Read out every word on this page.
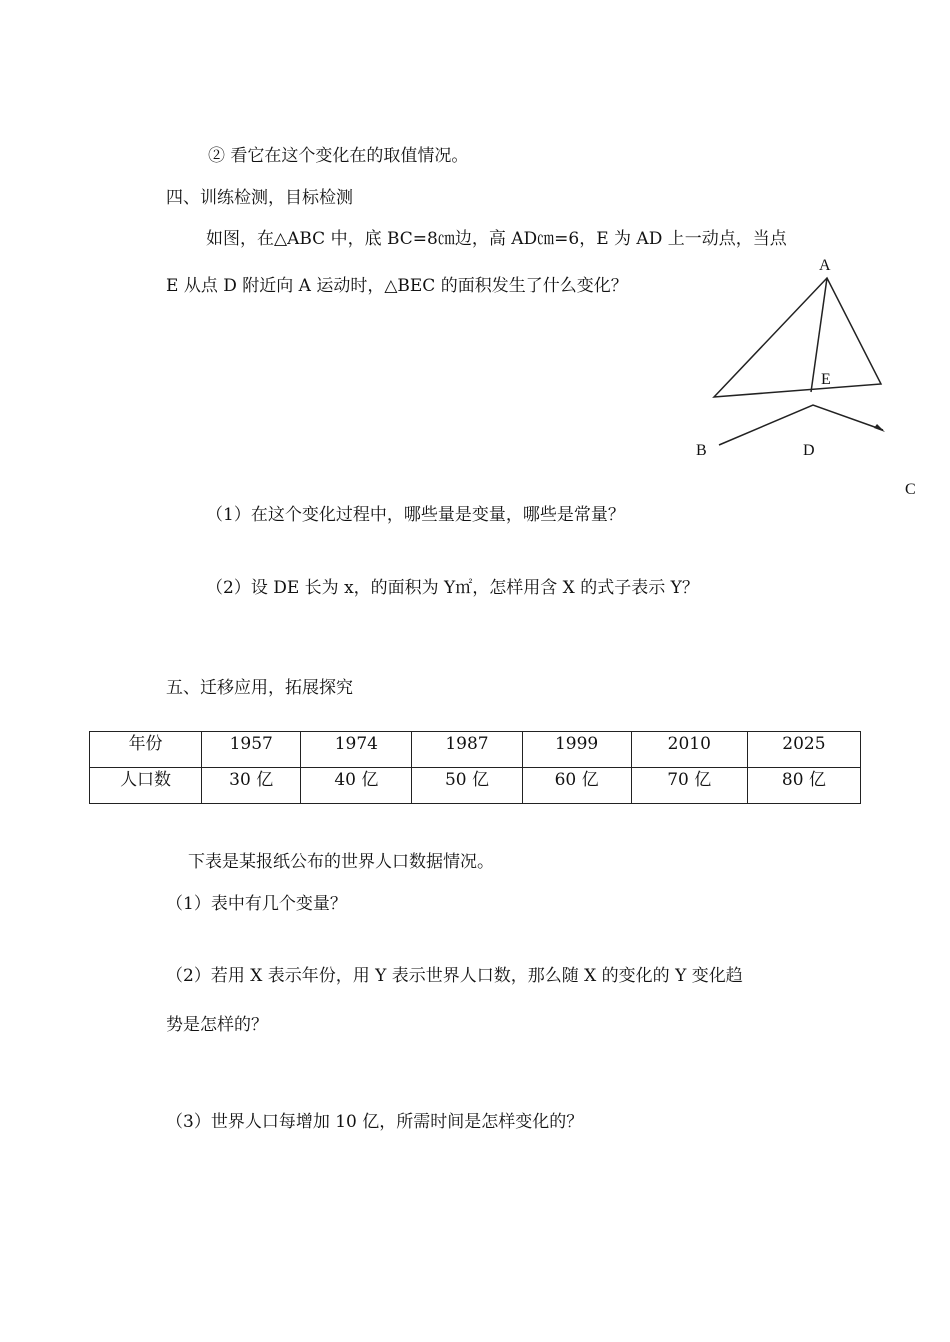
② 看它在这个变化在的取值情况。
四、训练检测，目标检测
如图，在△ABC 中，底 BC=8㎝边，高 AD㎝=6，E 为 AD 上一动点，当点
E 从点 D 附近向 A 运动时，△BEC 的面积发生了什么变化？
A
E
B	D
C
（1）在这个变化过程中，哪些量是变量，哪些是常量？
（2）设 DE 长为 x，的面积为 Y㎡，怎样用含 X 的式子表示 Y？
五、迁移应用，拓展探究
年份	1957	1974	1987	1999	2010	2025
人口数	30 亿	40 亿	50 亿	60 亿	70 亿	80 亿
下表是某报纸公布的世界人口数据情况。
（1）表中有几个变量？
（2）若用 X 表示年份，用 Y 表示世界人口数，那么随 X 的变化的 Y 变化趋
势是怎样的？
（3）世界人口每增加 10 亿，所需时间是怎样变化的？
